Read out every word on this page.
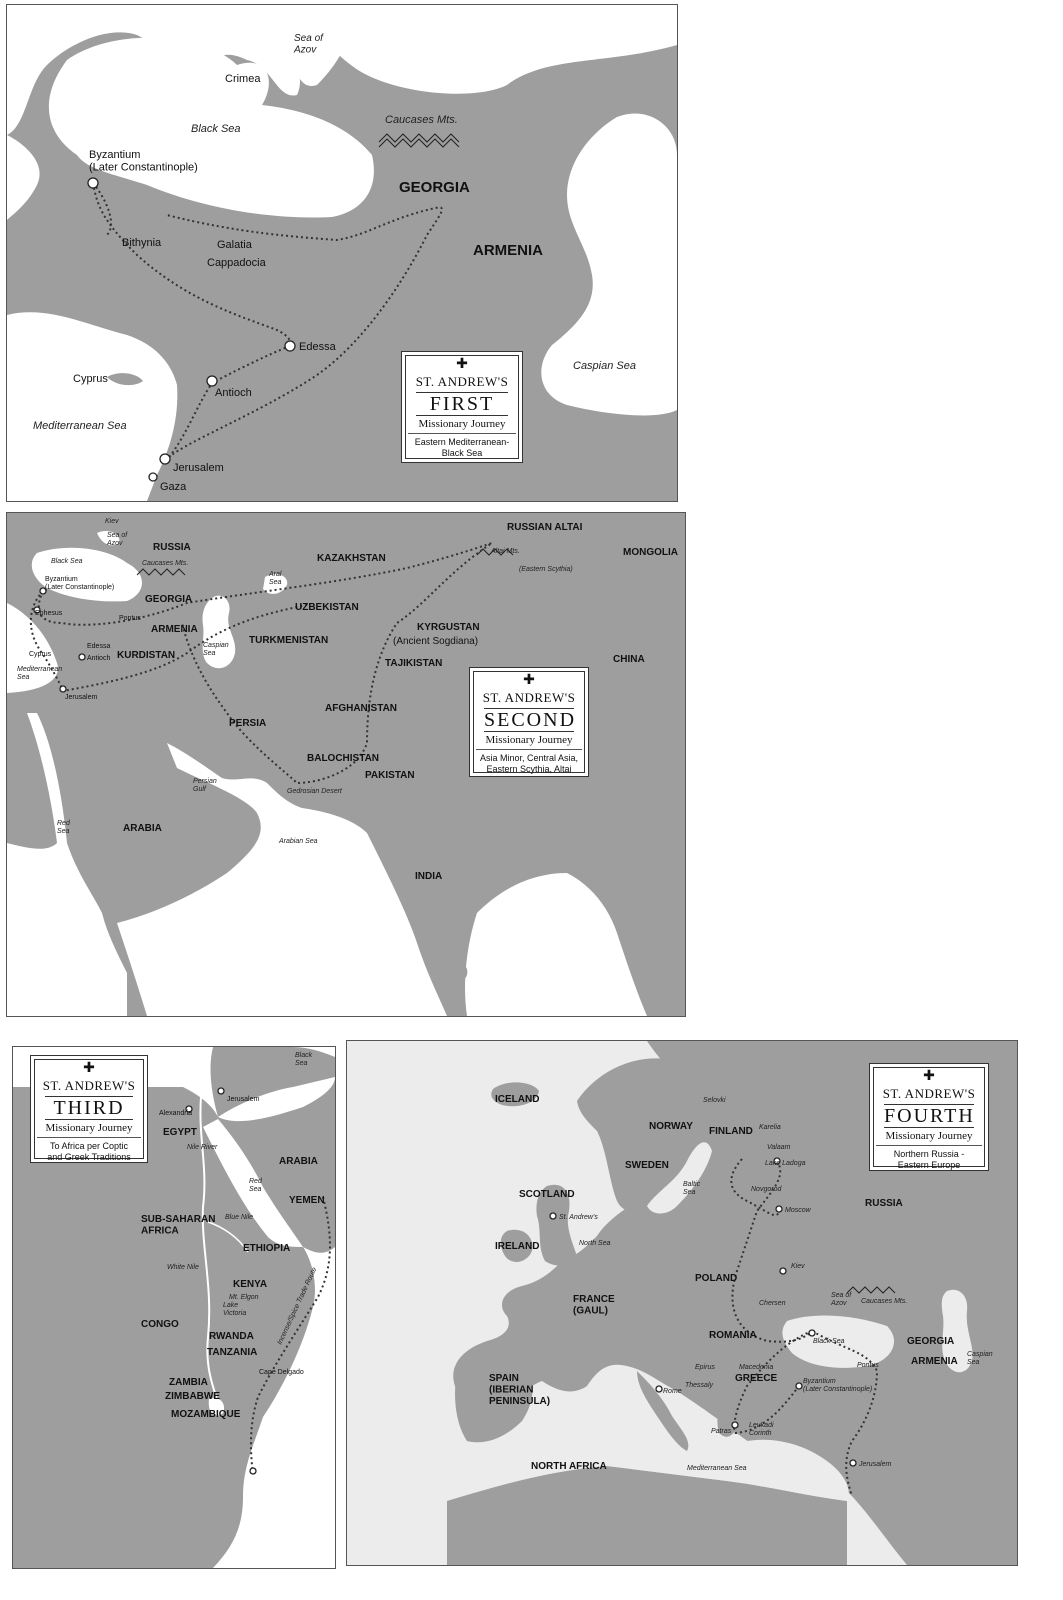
Sea of Azov
Crimea
Black Sea
Caucases Mts.
Byzantium (Later Constantinople)
GEORGIA
Bithynia	Galatia
Cappadocia
ARMENIA
Edessa
Caspian Sea
Cyprus
Antioch
Mediterranean Sea
Jerusalem
Gaza
✚
ST. ANDREW'S
FIRST
Missionary Journey
Eastern Mediterranean-
Black Sea
Kiev
Sea of Azov
Black Sea
RUSSIA
Caucases Mts.	KAZAKHSTAN
Aral Sea
RUSSIAN ALTAI
Altai Mts.
(Eastern Scythia)
MONGOLIA
Byzantium (Later Constantinople)
GEORGIA
Pontus
UZBEKISTAN
Ephesus
ARMENIA	KYRGUSTAN
(Ancient Sogdiana)
Edessa
Antioch KURDISTAN
Caspian Sea
TURKMENISTAN
TAJIKISTAN	CHINA
Cyprus
Mediterranean Sea
Jerusalem
PERSIA
AFGHANISTAN
BALOCHISTAN
PAKISTAN
Persian Gulf	Gedrosian Desert
Red Sea	ARABIA
Arabian Sea
INDIA
✚
ST. ANDREW'S
SECOND
Missionary Journey
Asia Minor, Central Asia,
Eastern Scythia, Altai
Black Sea
Jerusalem
Alexandria
EGYPT
ARABIA
Nile River
Red Sea
YEMEN
SUB-SAHARAN AFRICA
Blue Nile
ETHIOPIA
White Nile
KENYA
Mt. Elgon	Incense/Spice Trade Route
Lake Victoria
CONGO
RWANDA
TANZANIA
Cape Delgado
ZAMBIA
ZIMBABWE
MOZAMBIQUE
✚
ST. ANDREW'S
THIRD
Missionary Journey
To Africa per Coptic
and Greek Traditions
ICELAND	Selovki
NORWAY FINLAND Karelia
Valaam
Lake Ladoga
SWEDEN
Novgorod
Baltic Sea
Moscow
RUSSIA
SCOTLAND
St. Andrew's
North Sea
IRELAND
Kiev
POLAND
FRANCE (GAUL)
Chersen
Sea of Azov	Caucases Mts.
ROMANIA
Black Sea	GEORGIA
ARMENIA
Caspian Sea
Epirus	Macedonia	Pontus
Thessaly
GREECE	Byzantium (Later Constantinople)
SPAIN (IBERIAN PENINSULA)
Rome
Patras
Leukadi Corinth
NORTH AFRICA	Mediterranean Sea
Jerusalem
✚
ST. ANDREW'S
FOURTH
Missionary Journey
Northern Russia -
Eastern Europe
